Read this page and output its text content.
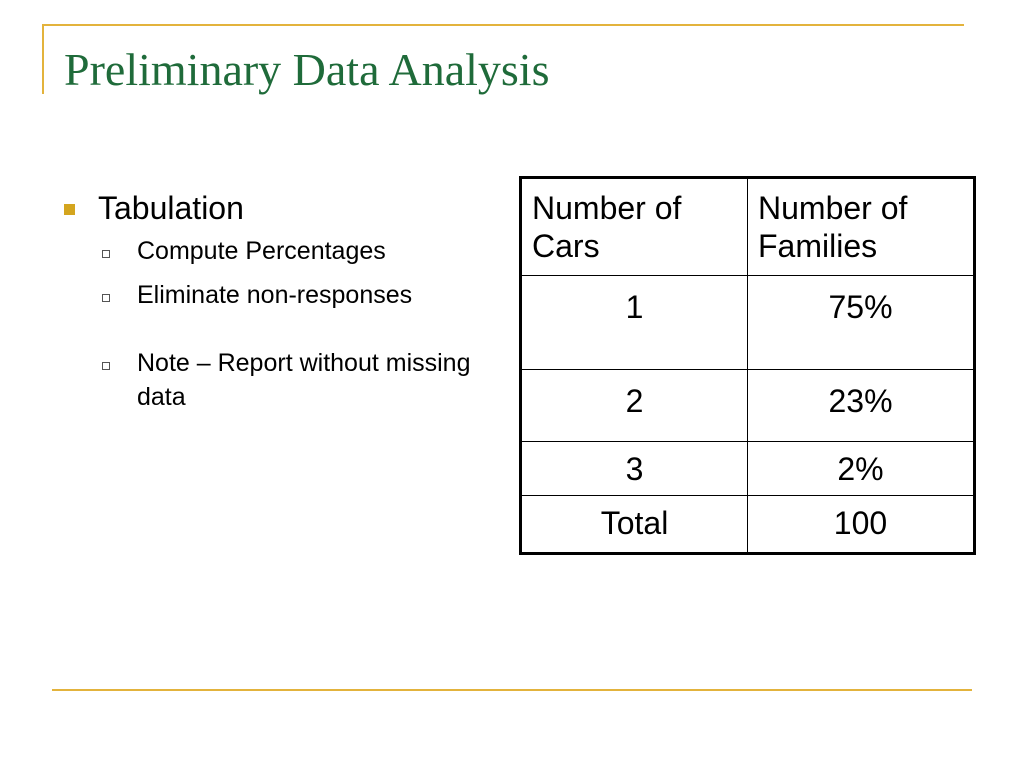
Preliminary Data Analysis
Tabulation
Compute Percentages
Eliminate non-responses
Note – Report without missing data
Number of Cars	Number of Families
1	75%
2	23%
3	2%
Total	100
